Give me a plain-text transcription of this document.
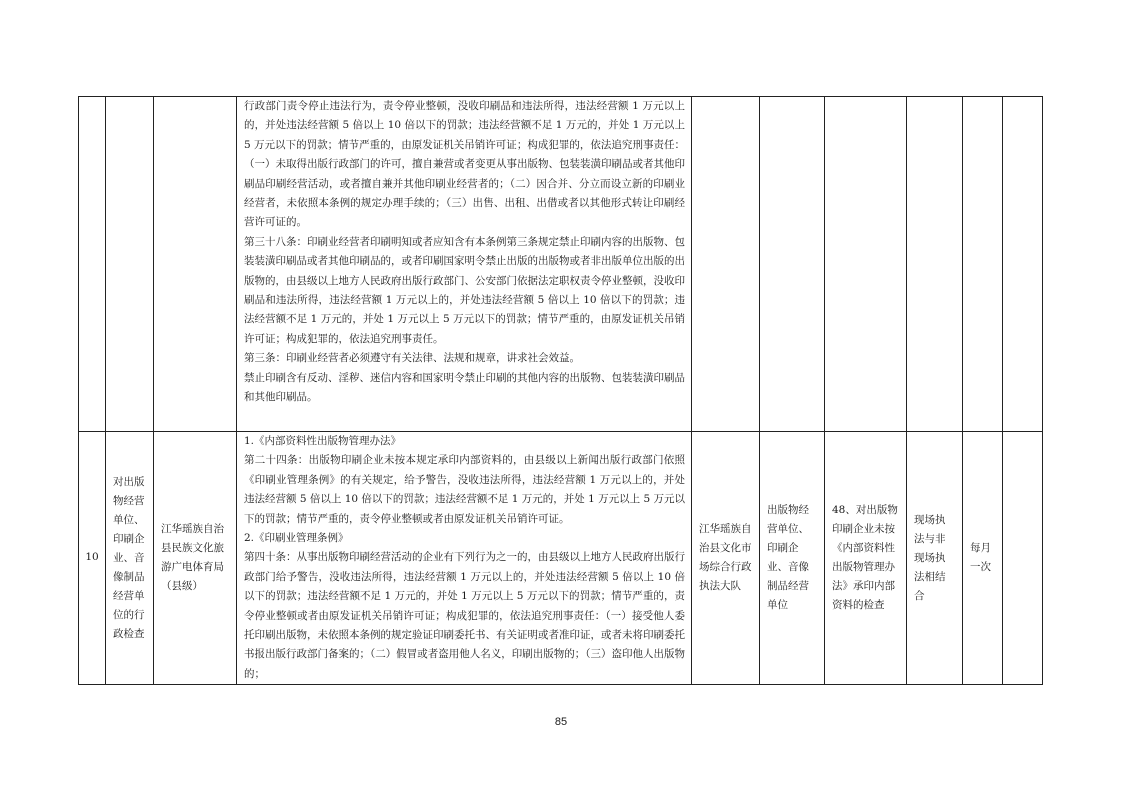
			行政部门责令停止违法行为，责令停业整顿，没收印刷品和违法所得，违法经营额 1 万元以上的，并处违法经营额 5 倍以上 10 倍以下的罚款；违法经营额不足 1 万元的，并处 1 万元以上 5 万元以下的罚款；情节严重的，由原发证机关吊销许可证；构成犯罪的，依法追究刑事责任：（一）未取得出版行政部门的许可，擅自兼营或者变更从事出版物、包装装潢印刷品或者其他印刷品印刷经营活动，或者擅自兼并其他印刷业经营者的；（二）因合并、分立而设立新的印刷业经营者，未依照本条例的规定办理手续的；（三）出售、出租、出借或者以其他形式转让印刷经营许可证的。
第三十八条：印刷业经营者印刷明知或者应知含有本条例第三条规定禁止印刷内容的出版物、包装装潢印刷品或者其他印刷品的，或者印刷国家明令禁止出版的出版物或者非出版单位出版的出版物的，由县级以上地方人民政府出版行政部门、公安部门依据法定职权责令停业整顿，没收印刷品和违法所得，违法经营额 1 万元以上的，并处违法经营额 5 倍以上 10 倍以下的罚款；违法经营额不足 1 万元的，并处 1 万元以上 5 万元以下的罚款；情节严重的，由原发证机关吊销许可证；构成犯罪的，依法追究刑事责任。
第三条：印刷业经营者必须遵守有关法律、法规和规章，讲求社会效益。
禁止印刷含有反动、淫秽、迷信内容和国家明令禁止印刷的其他内容的出版物、包装装潢印刷品和其他印刷品。						

10	对出版物经营单位、印刷企业、音像制品经营单位的行政检查	江华瑶族自治县民族文化旅游广电体育局（县级）	1.《内部资料性出版物管理办法》
第二十四条：出版物印刷企业未按本规定承印内部资料的，由县级以上新闻出版行政部门依照《印刷业管理条例》的有关规定，给予警告，没收违法所得，违法经营额 1 万元以上的，并处违法经营额 5 倍以上 10 倍以下的罚款；违法经营额不足 1 万元的，并处 1 万元以上 5 万元以下的罚款；情节严重的，责令停业整顿或者由原发证机关吊销许可证。
2.《印刷业管理条例》
第四十条：从事出版物印刷经营活动的企业有下列行为之一的，由县级以上地方人民政府出版行政部门给予警告，没收违法所得，违法经营额 1 万元以上的，并处违法经营额 5 倍以上 10 倍以下的罚款；违法经营额不足 1 万元的，并处 1 万元以上 5 万元以下的罚款；情节严重的，责令停业整顿或者由原发证机关吊销许可证；构成犯罪的，依法追究刑事责任：（一）接受他人委托印刷出版物，未依照本条例的规定验证印刷委托书、有关证明或者准印证，或者未将印刷委托书报出版行政部门备案的；（二）假冒或者盗用他人名义，印刷出版物的；（三）盗印他人出版物的；	江华瑶族自治县文化市场综合行政执法大队	出版物经营单位、印刷企业、音像制品经营单位	48、对出版物印刷企业未按《内部资料性出版物管理办法》承印内部资料的检查	现场执法与非现场执法相结合	每月一次	
85
